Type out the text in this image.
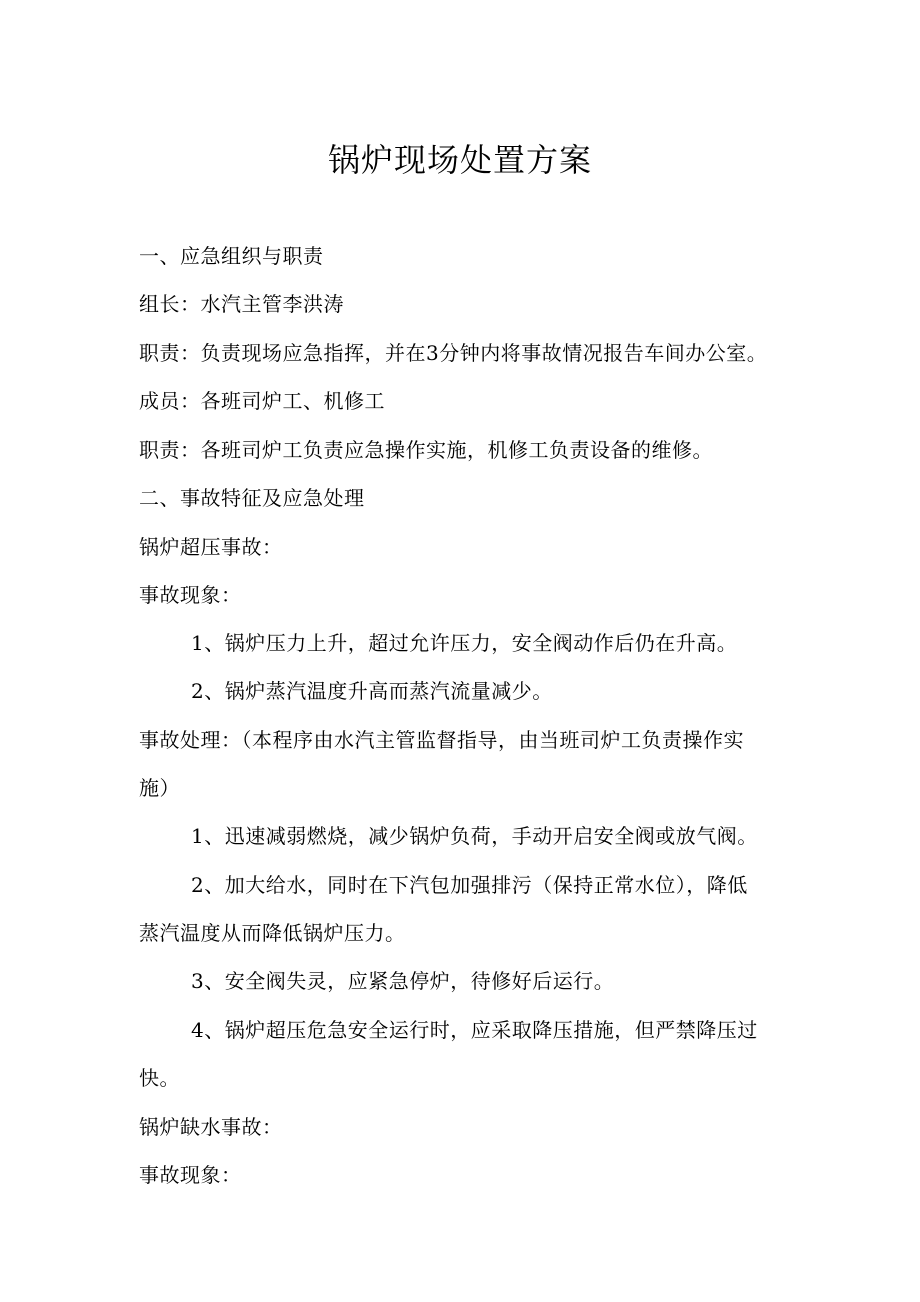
锅炉现场处置方案
一、应急组织与职责
组长：水汽主管李洪涛
职责：负责现场应急指挥，并在3分钟内将事故情况报告车间办公室。
成员：各班司炉工、机修工
职责：各班司炉工负责应急操作实施，机修工负责设备的维修。
二、事故特征及应急处理
锅炉超压事故：
事故现象：
1、锅炉压力上升，超过允许压力，安全阀动作后仍在升高。
2、锅炉蒸汽温度升高而蒸汽流量减少。
事故处理：（本程序由水汽主管监督指导，由当班司炉工负责操作实
施）
1、迅速减弱燃烧，减少锅炉负荷，手动开启安全阀或放气阀。
2、加大给水，同时在下汽包加强排污（保持正常水位），降低
蒸汽温度从而降低锅炉压力。
3、安全阀失灵，应紧急停炉，待修好后运行。
4、锅炉超压危急安全运行时，应采取降压措施，但严禁降压过
快。
锅炉缺水事故：
事故现象：
